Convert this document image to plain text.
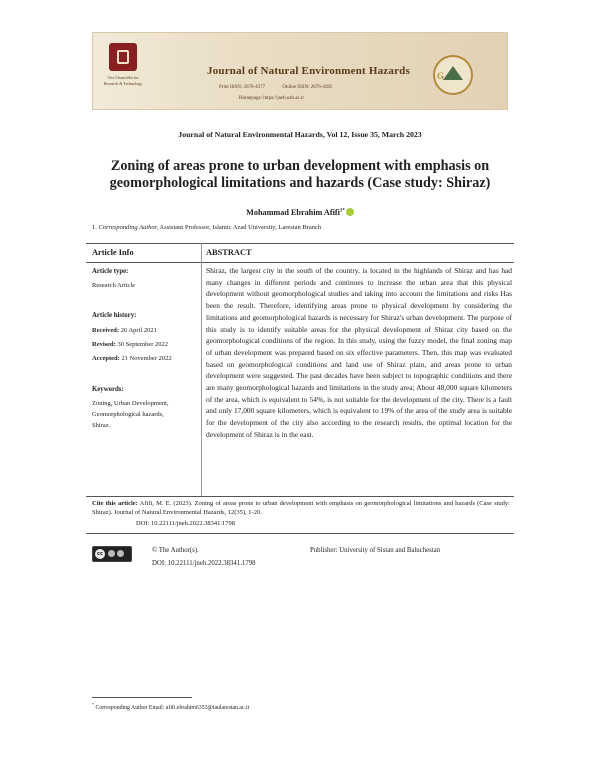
Vice Chancellor for Research & Technology
Journal of Natural Environment Hazards
Print ISSN: 2676-4377	Online ISSN: 2676-4385
Homepage: https://jneh.usb.ac.ir
G
Journal of Natural Environmental Hazards, Vol 12, Issue 35, March 2023
Zoning of areas prone to urban development with emphasis on geomorphological limitations and hazards (Case study: Shiraz)
Mohammad Ebrahim Afifi$^{1*}$
1. Corresponding Author, Assistant Professor, Islamic Azad University, Larestan Branch
Article Info	ABSTRACT
Article type:
Research Article
Article history:
Received: 26 April 2021
Revised: 30 September 2022
Accepted: 21 November 2022
Keywords:
Zoning, Urban Development,
Geomorphological hazards,
Shiraz.
Shiraz, the largest city in the south of the country, is located in the highlands of Shiraz and has had many changes in different periods and continues to increase the urban area that this physical development without geomorphological studies and taking into account the limitations and risks Has been the result. Therefore, identifying areas prone to physical development by considering the limitations and geomorphological hazards is necessary for Shiraz's urban development. The purpose of this study is to identify suitable areas for the physical development of Shiraz city based on the geomorphological conditions of the region. In this study, using the fuzzy model, the final zoning map of urban development was prepared based on six effective parameters. Then, this map was evaluated based on geomorphological conditions and land use of Shiraz plain, and areas prone to urban development were suggested. The past decades have been subject to topographic conditions and there are many geomorphological hazards and limitations in the study area; About 48,000 square kilometers of the area, which is equivalent to 54%, is not suitable for the development of the city. There is a fault and only 17,000 square kilometers, which is equivalent to 19% of the area of the study area is suitable for the development of the city also according to the research results, the optimal location for the development of Shiraz is in the east.
Cite this article: Afifi, M. E. (2023). Zoning of areas prone to urban development with emphasis on geomorphological limitations and hazards (Case study: Shiraz). Journal of Natural Environmental Hazards, 12(35), 1-20.
DOI: 10.22111/jneh.2022.38341.1798
cc	© The Author(s).	Publisher: University of Sistan and Baluchestan
DOI: 10.22111/jneh.2022.38341.1798
* Corresponding Author Email: afifi.ebrahim6353@iaularestan.ac.ir
